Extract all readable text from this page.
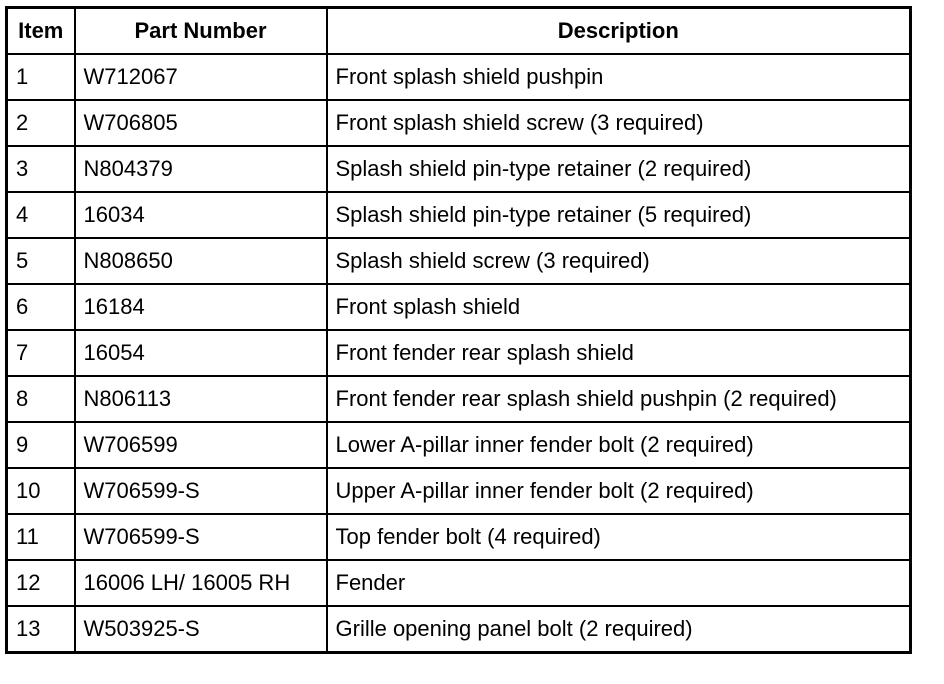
Item	Part Number	Description
1	W712067	Front splash shield pushpin
2	W706805	Front splash shield screw (3 required)
3	N804379	Splash shield pin-type retainer (2 required)
4	16034	Splash shield pin-type retainer (5 required)
5	N808650	Splash shield screw (3 required)
6	16184	Front splash shield
7	16054	Front fender rear splash shield
8	N806113	Front fender rear splash shield pushpin (2 required)
9	W706599	Lower A-pillar inner fender bolt (2 required)
10	W706599-S	Upper A-pillar inner fender bolt (2 required)
11	W706599-S	Top fender bolt (4 required)
12	16006 LH/ 16005 RH	Fender
13	W503925-S	Grille opening panel bolt (2 required)
